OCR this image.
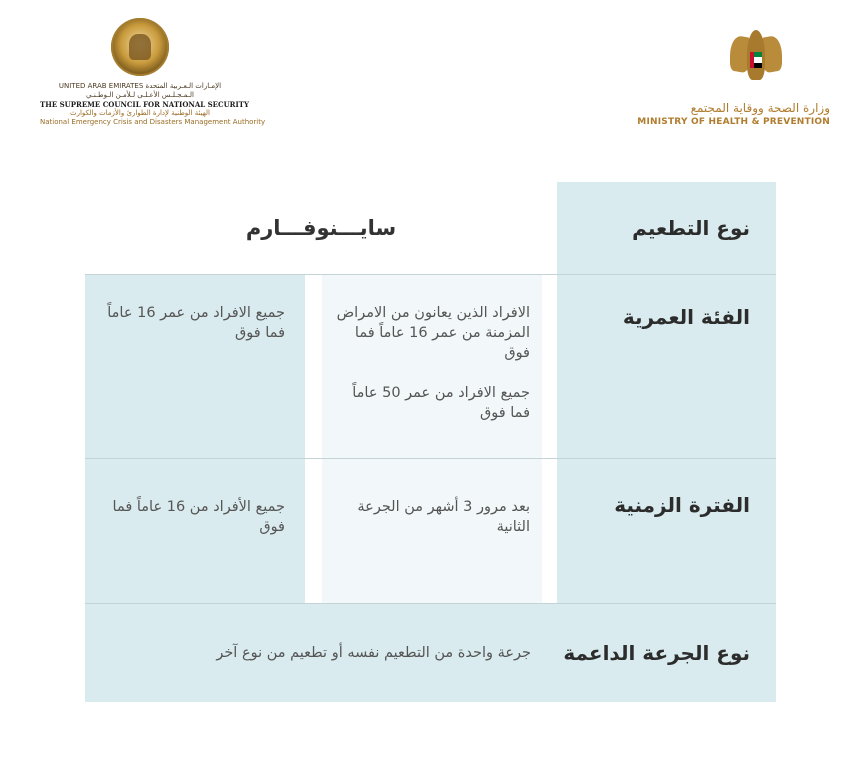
UNITED ARAB EMIRATES الإمـارات الـعـربية المتحدة
الـمـجـلـس الأعـلـى لـلأمـن الـوطـنـي
THE SUPREME COUNCIL FOR NATIONAL SECURITY
الهيئة الوطنية لإدارة الطوارئ والأزمات والكوارث
National Emergency Crisis and Disasters Management Authority
وزارة الصحة ووقاية المجتمع
MINISTRY OF HEALTH & PREVENTION
نوع التطعيم
سايـــنوفـــارم
الفئة العمرية
الافراد الذين يعانون من الامراض المزمنة من عمر 16 عاماً فما فوق
جميع الافراد من عمر 50 عاماً فما فوق
جميع الافراد من عمر 16 عاماً فما فوق
الفترة الزمنية
بعد مرور 3 أشهر من الجرعة الثانية
جميع الأفراد من 16 عاماً فما فوق
نوع الجرعة الداعمة
جرعة واحدة من التطعيم نفسه أو تطعيم من نوع آخر
